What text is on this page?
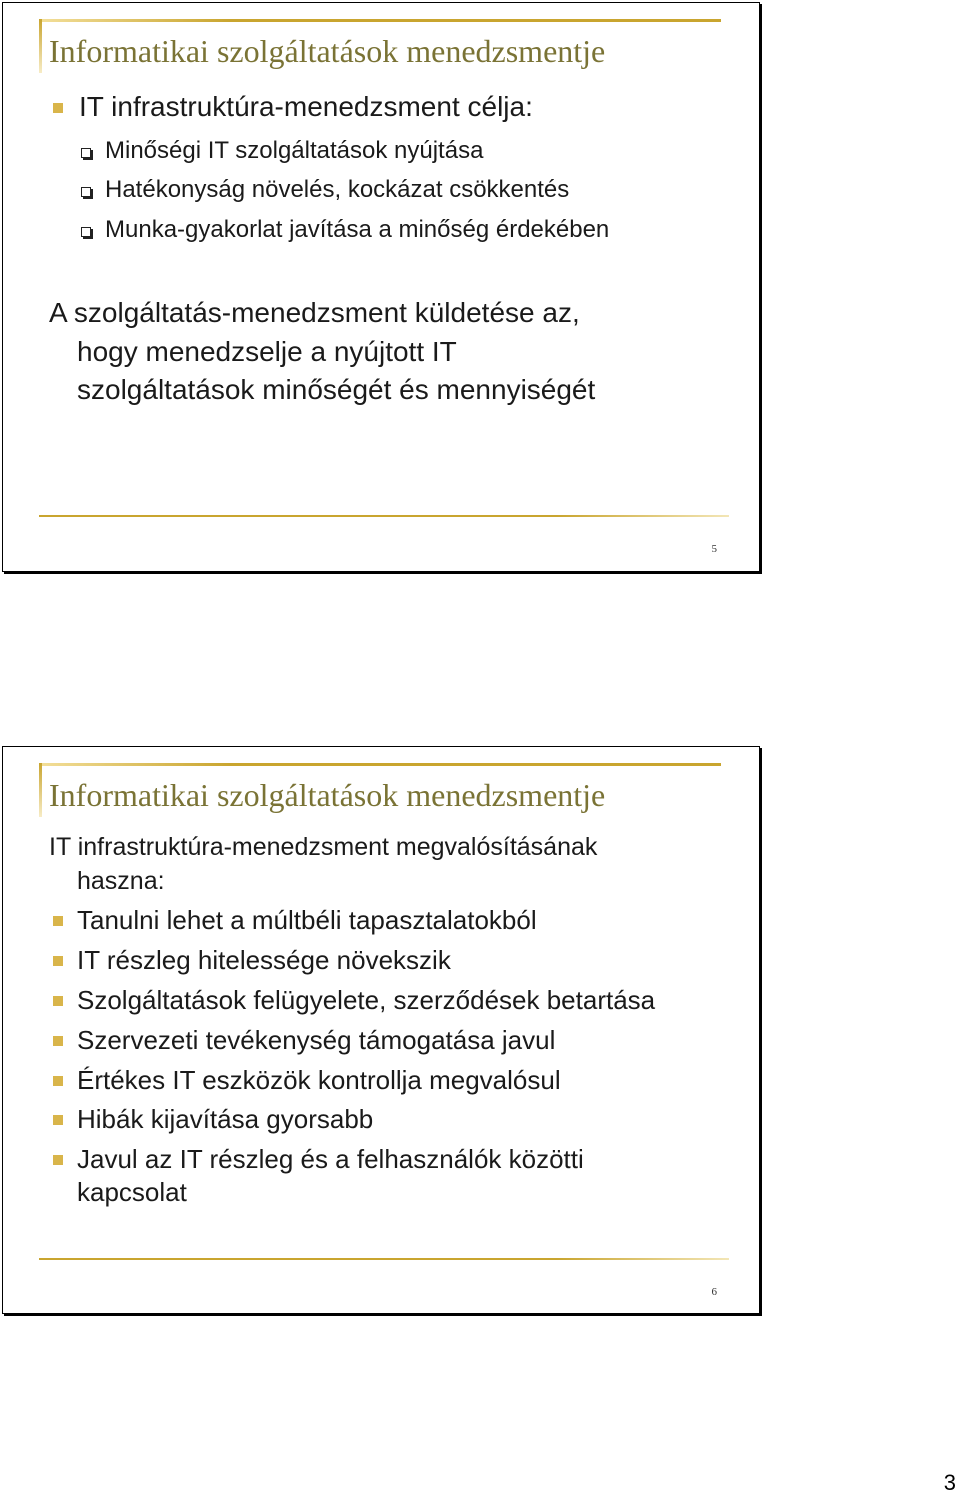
Informatikai szolgáltatások menedzsmentje

IT infrastruktúra-menedzsment célja:

Minőségi IT szolgáltatások nyújtása

Hatékonyság növelés, kockázat csökkentés

Munka-gyakorlat javítása a minőség érdekében

A szolgáltatás-menedzsment küldetése az,

hogy menedzselje a nyújtott IT

szolgáltatások minőségét és mennyiségét

5
Informatikai szolgáltatások menedzsmentje

IT infrastruktúra-menedzsment megvalósításának

haszna:

Tanulni lehet a múltbéli tapasztalatokból

IT részleg hitelessége növekszik

Szolgáltatások felügyelete, szerződések betartása

Szervezeti tevékenység támogatása javul

Értékes IT eszközök kontrollja megvalósul

Hibák kijavítása gyorsabb

Javul az IT részleg és a felhasználók közötti

kapcsolat

6
3
